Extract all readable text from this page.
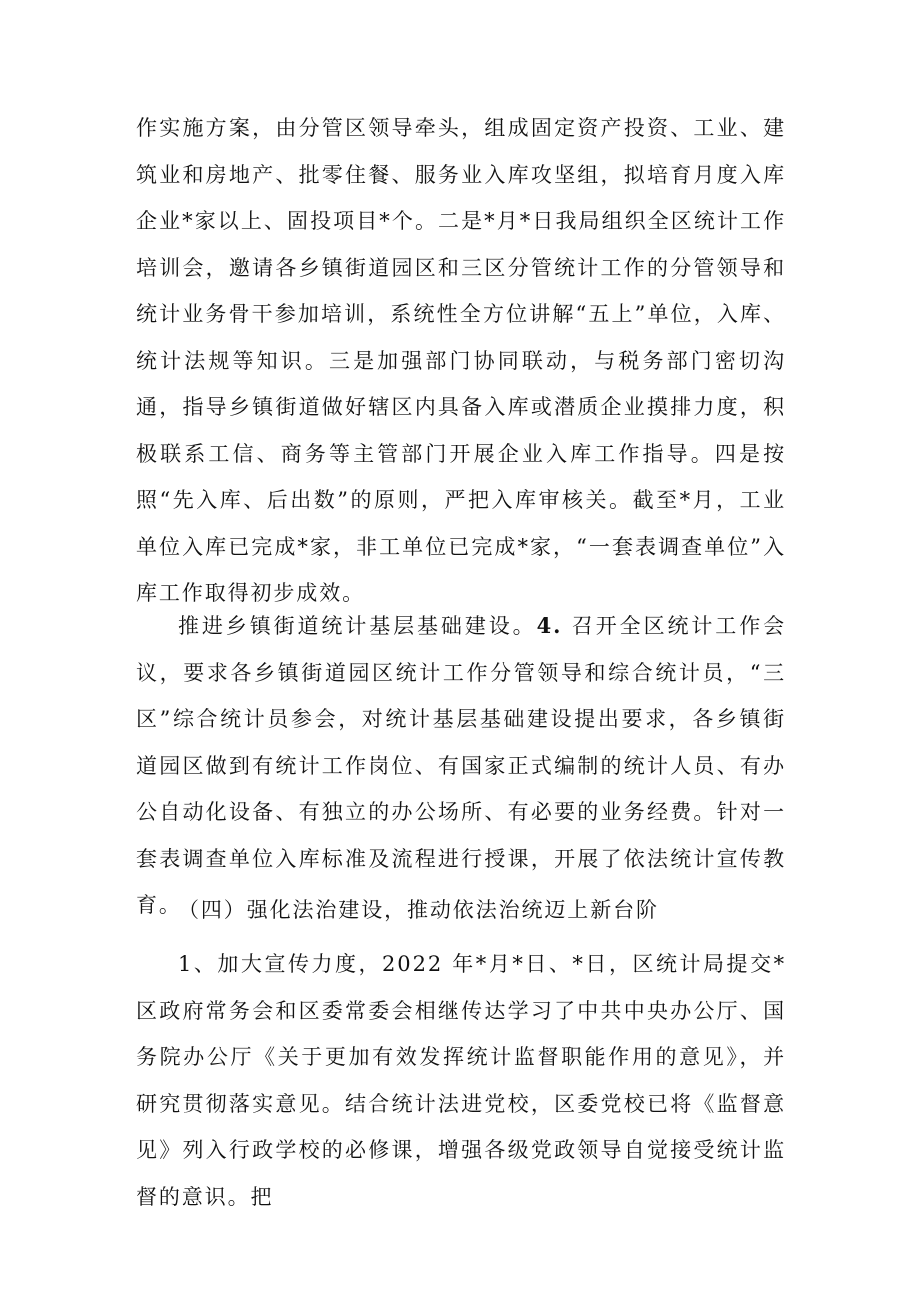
作实施方案，由分管区领导牵头，组成固定资产投资、工业、建筑业和房地产、批零住餐、服务业入库攻坚组，拟培育月度入库企业*家以上、固投项目*个。二是*月*日我局组织全区统计工作培训会，邀请各乡镇街道园区和三区分管统计工作的分管领导和统计业务骨干参加培训，系统性全方位讲解“五上”单位，入库、统计法规等知识。三是加强部门协同联动，与税务部门密切沟通，指导乡镇街道做好辖区内具备入库或潜质企业摸排力度，积极联系工信、商务等主管部门开展企业入库工作指导。四是按照“先入库、后出数”的原则，严把入库审核关。截至*月，工业单位入库已完成*家，非工单位已完成*家，“一套表调查单位”入库工作取得初步成效。

推进乡镇街道统计基层基础建设。4. 召开全区统计工作会议，要求各乡镇街道园区统计工作分管领导和综合统计员，“三区”综合统计员参会，对统计基层基础建设提出要求，各乡镇街道园区做到有统计工作岗位、有国家正式编制的统计人员、有办公自动化设备、有独立的办公场所、有必要的业务经费。针对一套表调查单位入库标准及流程进行授课，开展了依法统计宣传教育。

（四）强化法治建设，推动依法治统迈上新台阶

1、加大宣传力度，2022 年*月*日、*日，区统计局提交*区政府常务会和区委常委会相继传达学习了中共中央办公厅、国务院办公厅《关于更加有效发挥统计监督职能作用的意见》，并研究贯彻落实意见。结合统计法进党校，区委党校已将《监督意见》列入行政学校的必修课，增强各级党政领导自觉接受统计监督的意识。把
